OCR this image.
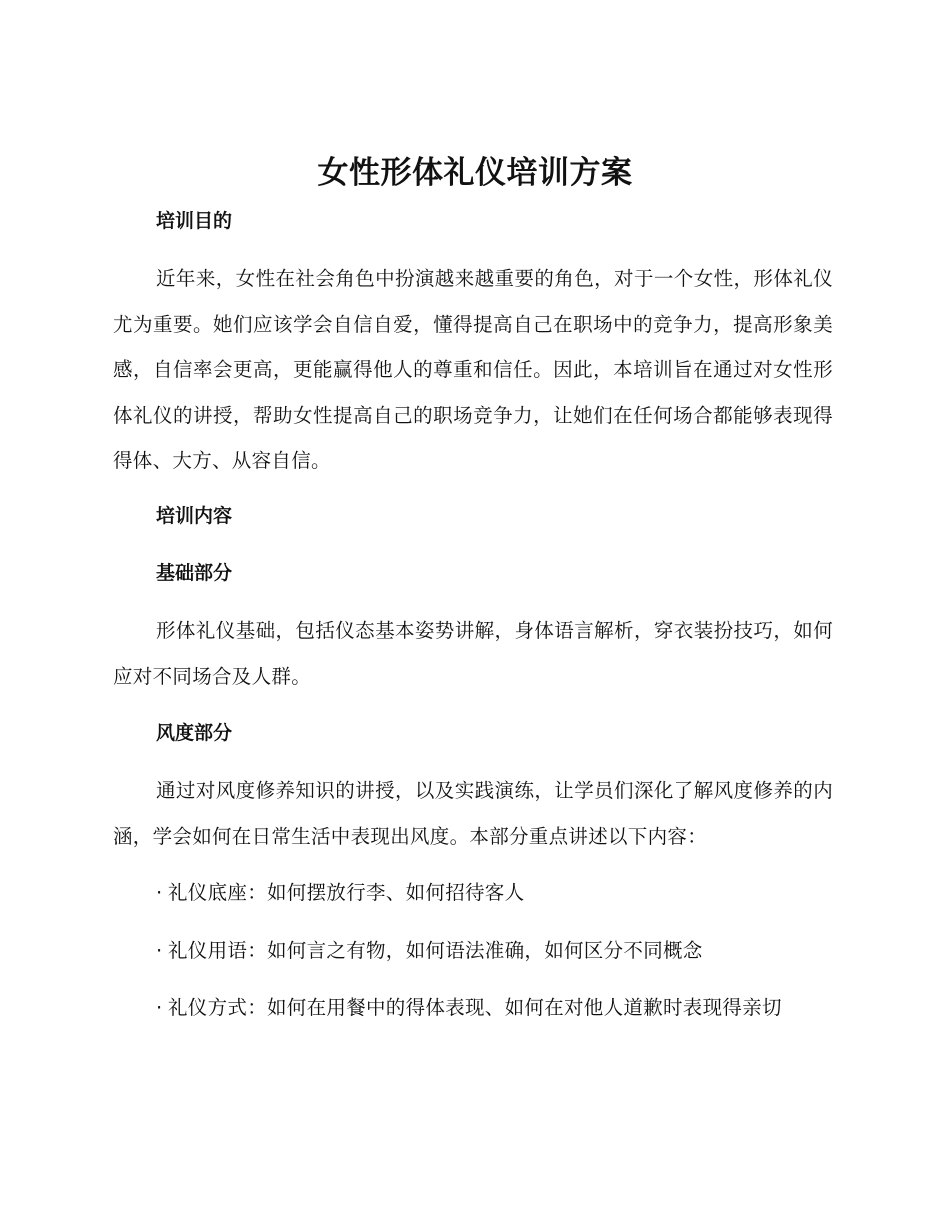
女性形体礼仪培训方案
培训目的

近年来，女性在社会角色中扮演越来越重要的角色，对于一个女性，形体礼仪尤为重要。她们应该学会自信自爱，懂得提高自己在职场中的竞争力，提高形象美感，自信率会更高，更能赢得他人的尊重和信任。因此，本培训旨在通过对女性形体礼仪的讲授，帮助女性提高自己的职场竞争力，让她们在任何场合都能够表现得得体、大方、从容自信。

培训内容
基础部分

形体礼仪基础，包括仪态基本姿势讲解，身体语言解析，穿衣装扮技巧，如何应对不同场合及人群。

风度部分

通过对风度修养知识的讲授，以及实践演练，让学员们深化了解风度修养的内涵，学会如何在日常生活中表现出风度。本部分重点讲述以下内容：

· 礼仪底座：如何摆放行李、如何招待客人
· 礼仪用语：如何言之有物，如何语法准确，如何区分不同概念
· 礼仪方式：如何在用餐中的得体表现、如何在对他人道歉时表现得亲切
